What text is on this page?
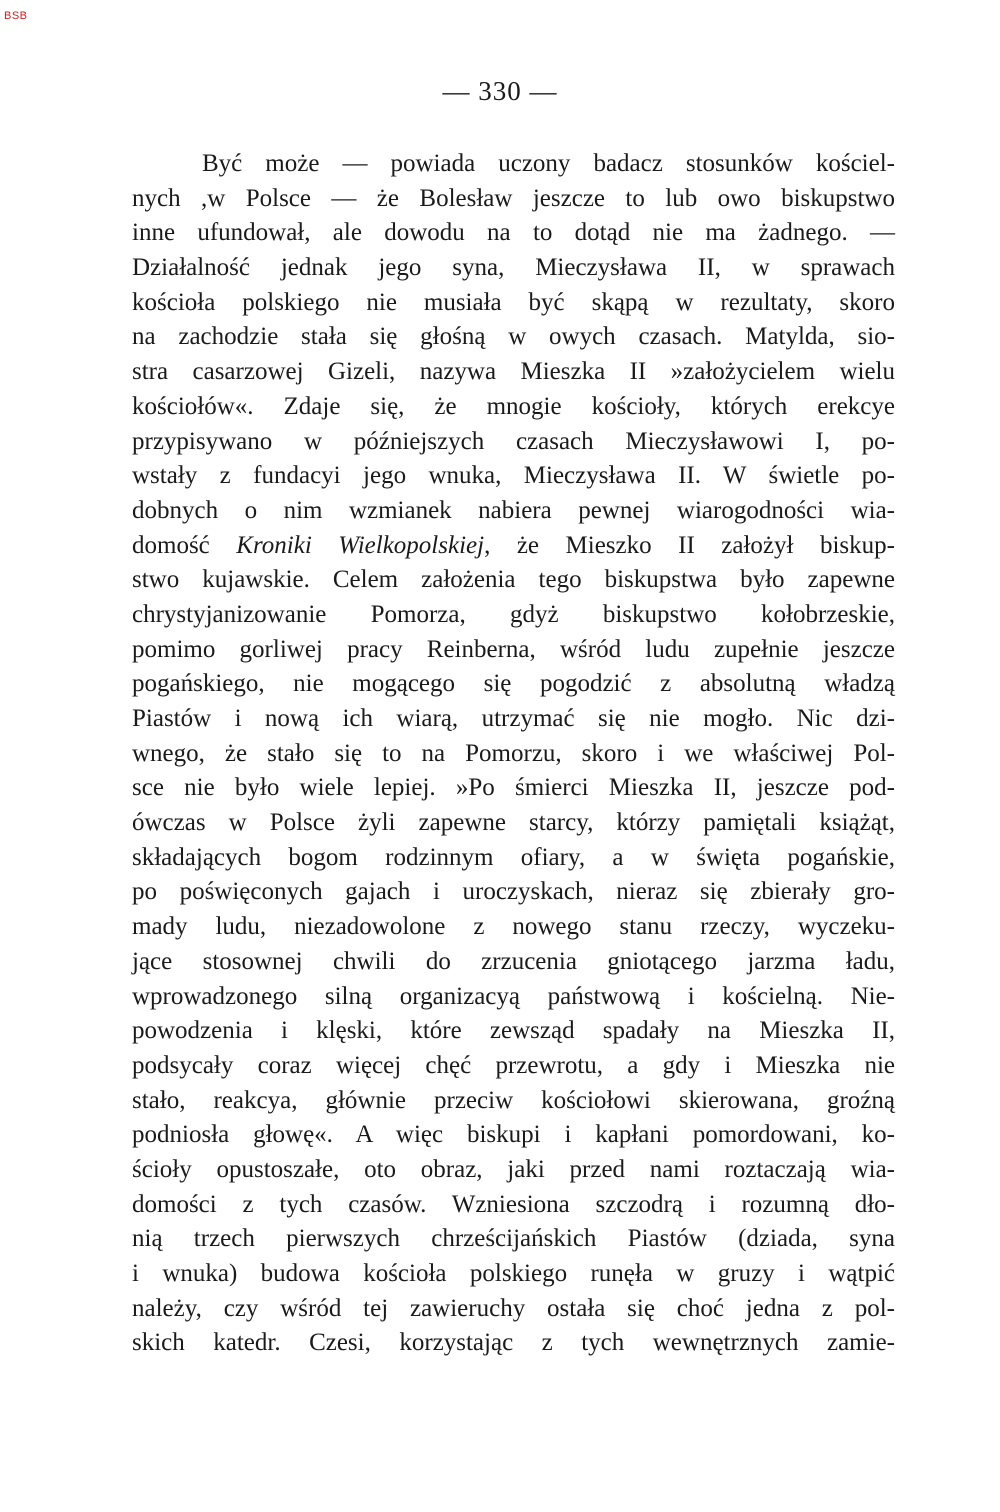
BSB
— 330 —
Być może — powiada uczony badacz stosunków kościel-
nych ,w Polsce — że Bolesław jeszcze to lub owo biskupstwo
inne ufundował, ale dowodu na to dotąd nie ma żadnego. —
Działalność jednak jego syna, Mieczysława II, w sprawach
kościoła polskiego nie musiała być skąpą w rezultaty, skoro
na zachodzie stała się głośną w owych czasach. Matylda, sio-
stra casarzowej Gizeli, nazywa Mieszka II »założycielem wielu
kościołów«. Zdaje się, że mnogie kościoły, których erekcye
przypisywano w późniejszych czasach Mieczysławowi I, po-
wstały z fundacyi jego wnuka, Mieczysława II. W świetle po-
dobnych o nim wzmianek nabiera pewnej wiarogodności wia-
domość Kroniki Wielkopolskiej, że Mieszko II założył biskup-
stwo kujawskie. Celem założenia tego biskupstwa było zapewne
chrystyjanizowanie Pomorza, gdyż biskupstwo kołobrzeskie,
pomimo gorliwej pracy Reinberna, wśród ludu zupełnie jeszcze
pogańskiego, nie mogącego się pogodzić z absolutną władzą
Piastów i nową ich wiarą, utrzymać się nie mogło. Nic dzi-
wnego, że stało się to na Pomorzu, skoro i we właściwej Pol-
sce nie było wiele lepiej. »Po śmierci Mieszka II, jeszcze pod-
ówczas w Polsce żyli zapewne starcy, którzy pamiętali książąt,
składających bogom rodzinnym ofiary, a w święta pogańskie,
po poświęconych gajach i uroczyskach, nieraz się zbierały gro-
mady ludu, niezadowolone z nowego stanu rzeczy, wyczeku-
jące stosownej chwili do zrzucenia gniotącego jarzma ładu,
wprowadzonego silną organizacyą państwową i kościelną. Nie-
powodzenia i klęski, które zewsząd spadały na Mieszka II,
podsycały coraz więcej chęć przewrotu, a gdy i Mieszka nie
stało, reakcya, głównie przeciw kościołowi skierowana, groźną
podniosła głowę«. A więc biskupi i kapłani pomordowani, ko-
ścioły opustoszałe, oto obraz, jaki przed nami roztaczają wia-
domości z tych czasów. Wzniesiona szczodrą i rozumną dło-
nią trzech pierwszych chrześcijańskich Piastów (dziada, syna
i wnuka) budowa kościoła polskiego runęła w gruzy i wątpić
należy, czy wśród tej zawieruchy ostała się choć jedna z pol-
skich katedr. Czesi, korzystając z tych wewnętrznych zamie-
